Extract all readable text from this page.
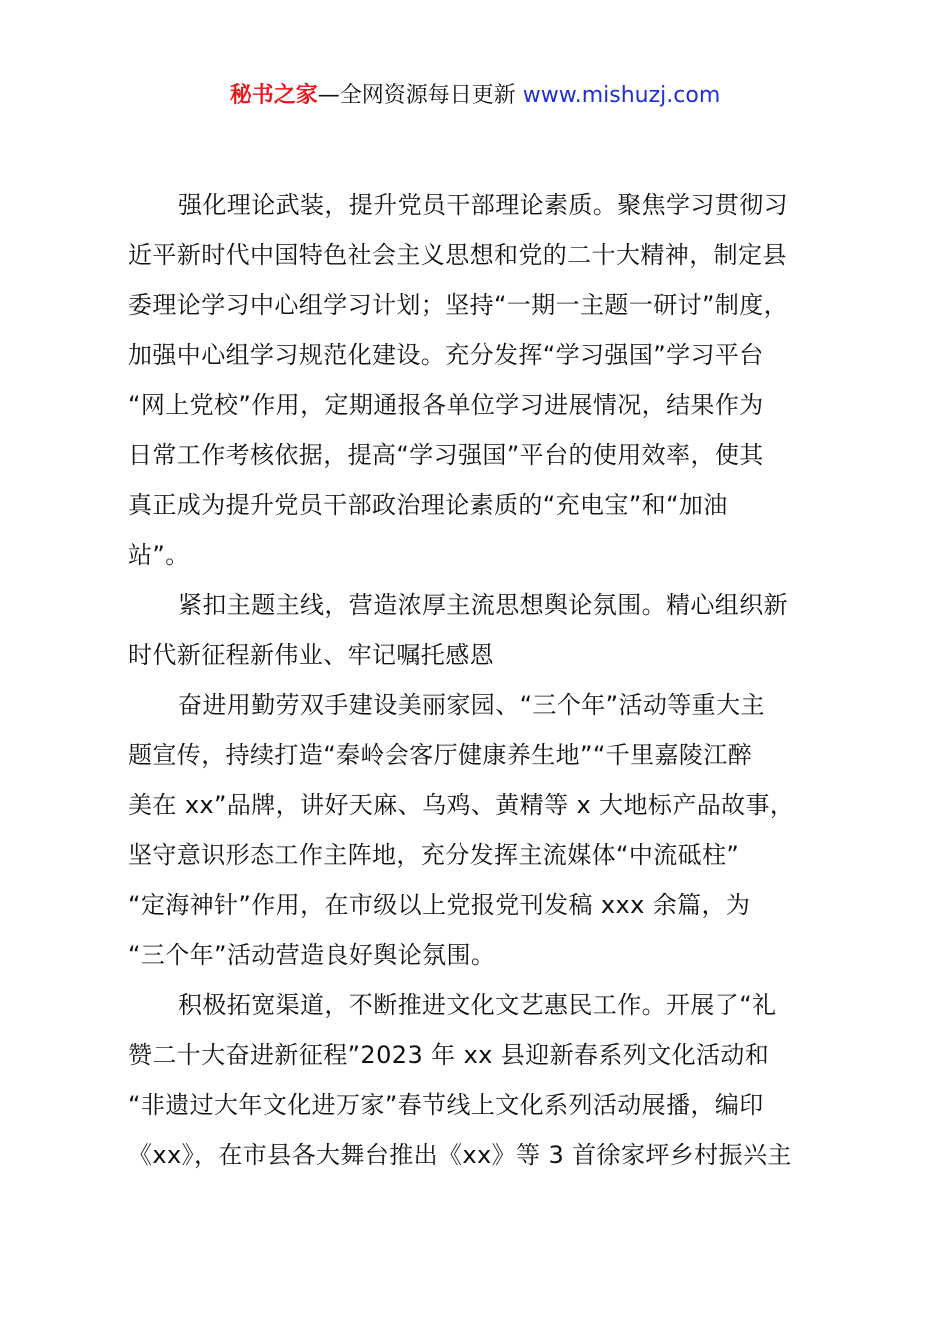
秘书之家—全网资源每日更新 www.mishuzj.com
强化理论武装，提升党员干部理论素质。聚焦学习贯彻习
近平新时代中国特色社会主义思想和党的二十大精神，制定县
委理论学习中心组学习计划；坚持“一期一主题一研讨”制度，
加强中心组学习规范化建设。充分发挥“学习强国”学习平台
“网上党校”作用，定期通报各单位学习进展情况，结果作为
日常工作考核依据，提高“学习强国”平台的使用效率，使其
真正成为提升党员干部政治理论素质的“充电宝”和“加油
站”。
紧扣主题主线，营造浓厚主流思想舆论氛围。精心组织新
时代新征程新伟业、牢记嘱托感恩
奋进用勤劳双手建设美丽家园、“三个年”活动等重大主
题宣传，持续打造“秦岭会客厅健康养生地”“千里嘉陵江醉
美在 xx”品牌，讲好天麻、乌鸡、黄精等 x 大地标产品故事，
坚守意识形态工作主阵地，充分发挥主流媒体“中流砥柱”
“定海神针”作用，在市级以上党报党刊发稿 xxx 余篇，为
“三个年”活动营造良好舆论氛围。
积极拓宽渠道，不断推进文化文艺惠民工作。开展了“礼
赞二十大奋进新征程”2023 年 xx 县迎新春系列文化活动和
“非遗过大年文化进万家”春节线上文化系列活动展播，编印
《xx》，在市县各大舞台推出《xx》等 3 首徐家坪乡村振兴主
